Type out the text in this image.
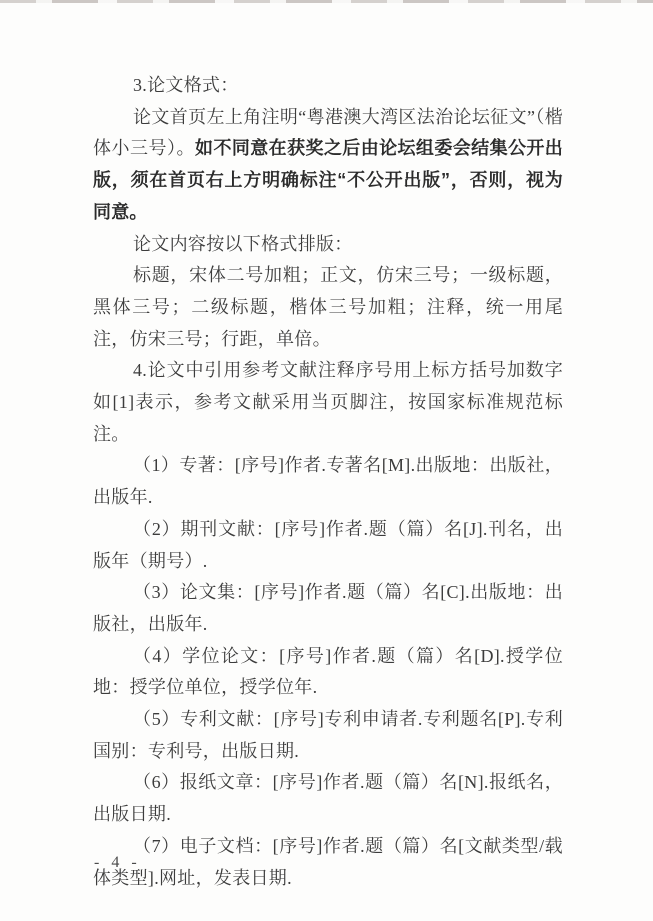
3.论文格式：

论文首页左上角注明“粤港澳大湾区法治论坛征文”（楷体小三号）。如不同意在获奖之后由论坛组委会结集公开出版，须在首页右上方明确标注“不公开出版”，否则，视为同意。

论文内容按以下格式排版：

标题，宋体二号加粗；正文，仿宋三号；一级标题，黑体三号；二级标题，楷体三号加粗；注释，统一用尾注，仿宋三号；行距，单倍。

4.论文中引用参考文献注释序号用上标方括号加数字如[1]表示，参考文献采用当页脚注，按国家标准规范标注。

（1）专著：[序号]作者.专著名[M].出版地：出版社，出版年.

（2）期刊文献：[序号]作者.题（篇）名[J].刊名，出版年（期号）.

（3）论文集：[序号]作者.题（篇）名[C].出版地：出版社，出版年.

（4）学位论文：[序号]作者.题（篇）名[D].授学位地：授学位单位，授学位年.

（5）专利文献：[序号]专利申请者.专利题名[P].专利国别：专利号，出版日期.

（6）报纸文章：[序号]作者.题（篇）名[N].报纸名，出版日期.

（7）电子文档：[序号]作者.题（篇）名[文献类型/载体类型].网址，发表日期.

- 4 -
